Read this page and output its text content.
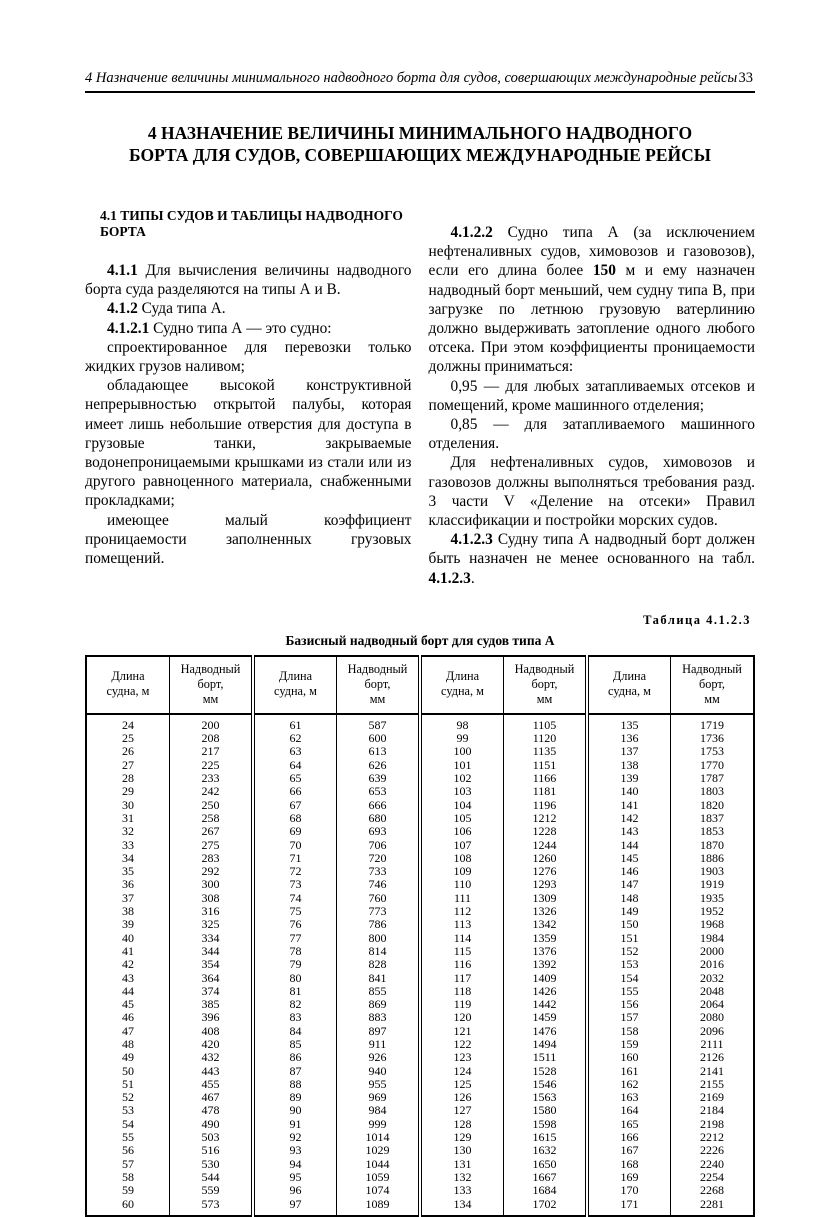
4 Назначение величины минимального надводного борта для судов, совершающих международные рейсы 33
4 НАЗНАЧЕНИЕ ВЕЛИЧИНЫ МИНИМАЛЬНОГО НАДВОДНОГО
БОРТА ДЛЯ СУДОВ, СОВЕРШАЮЩИХ МЕЖДУНАРОДНЫЕ РЕЙСЫ
4.1 ТИПЫ СУДОВ И ТАБЛИЦЫ НАДВОДНОГО БОРТА

4.1.1 Для вычисления величины надводного борта суда разделяются на типы А и В.

4.1.2 Суда типа А.

4.1.2.1 Судно типа А — это судно:

спроектированное для перевозки только жидких грузов наливом;

обладающее высокой конструктивной непрерывностью открытой палубы, которая имеет лишь небольшие отверстия для доступа в грузовые танки, закрываемые водонепроницаемыми крышками из стали или из другого равноценного материала, снабженными прокладками;

имеющее малый коэффициент проницаемости заполненных грузовых помещений.

4.1.2.2 Судно типа А (за исключением нефтеналивных судов, химовозов и газовозов), если его длина более 150 м и ему назначен надводный борт меньший, чем судну типа В, при загрузке по летнюю грузовую ватерлинию должно выдерживать затопление одного любого отсека. При этом коэффициенты проницаемости должны приниматься:

0,95 — для любых затапливаемых отсеков и помещений, кроме машинного отделения;

0,85 — для затапливаемого машинного отделения.

Для нефтеналивных судов, химовозов и газовозов должны выполняться требования разд. 3 части V «Деление на отсеки» Правил классификации и постройки морских судов.

4.1.2.3 Судну типа А надводный борт должен быть назначен не менее основанного на табл. 4.1.2.3.

Таблица 4.1.2.3
Базисный надводный борт для судов типа А
Длина
судна, м	Надводный борт,
мм	Длина
судна, м	Надводный борт,
мм	Длина
судна, м	Надводный борт,
мм	Длина
судна, м	Надводный борт,
мм
24	200	61	587	98	1105	135	1719
25	208	62	600	99	1120	136	1736
26	217	63	613	100	1135	137	1753
27	225	64	626	101	1151	138	1770
28	233	65	639	102	1166	139	1787
29	242	66	653	103	1181	140	1803
30	250	67	666	104	1196	141	1820
31	258	68	680	105	1212	142	1837
32	267	69	693	106	1228	143	1853
33	275	70	706	107	1244	144	1870
34	283	71	720	108	1260	145	1886
35	292	72	733	109	1276	146	1903
36	300	73	746	110	1293	147	1919
37	308	74	760	111	1309	148	1935
38	316	75	773	112	1326	149	1952
39	325	76	786	113	1342	150	1968
40	334	77	800	114	1359	151	1984
41	344	78	814	115	1376	152	2000
42	354	79	828	116	1392	153	2016
43	364	80	841	117	1409	154	2032
44	374	81	855	118	1426	155	2048
45	385	82	869	119	1442	156	2064
46	396	83	883	120	1459	157	2080
47	408	84	897	121	1476	158	2096
48	420	85	911	122	1494	159	2111
49	432	86	926	123	1511	160	2126
50	443	87	940	124	1528	161	2141
51	455	88	955	125	1546	162	2155
52	467	89	969	126	1563	163	2169
53	478	90	984	127	1580	164	2184
54	490	91	999	128	1598	165	2198
55	503	92	1014	129	1615	166	2212
56	516	93	1029	130	1632	167	2226
57	530	94	1044	131	1650	168	2240
58	544	95	1059	132	1667	169	2254
59	559	96	1074	133	1684	170	2268
60	573	97	1089	134	1702	171	2281
